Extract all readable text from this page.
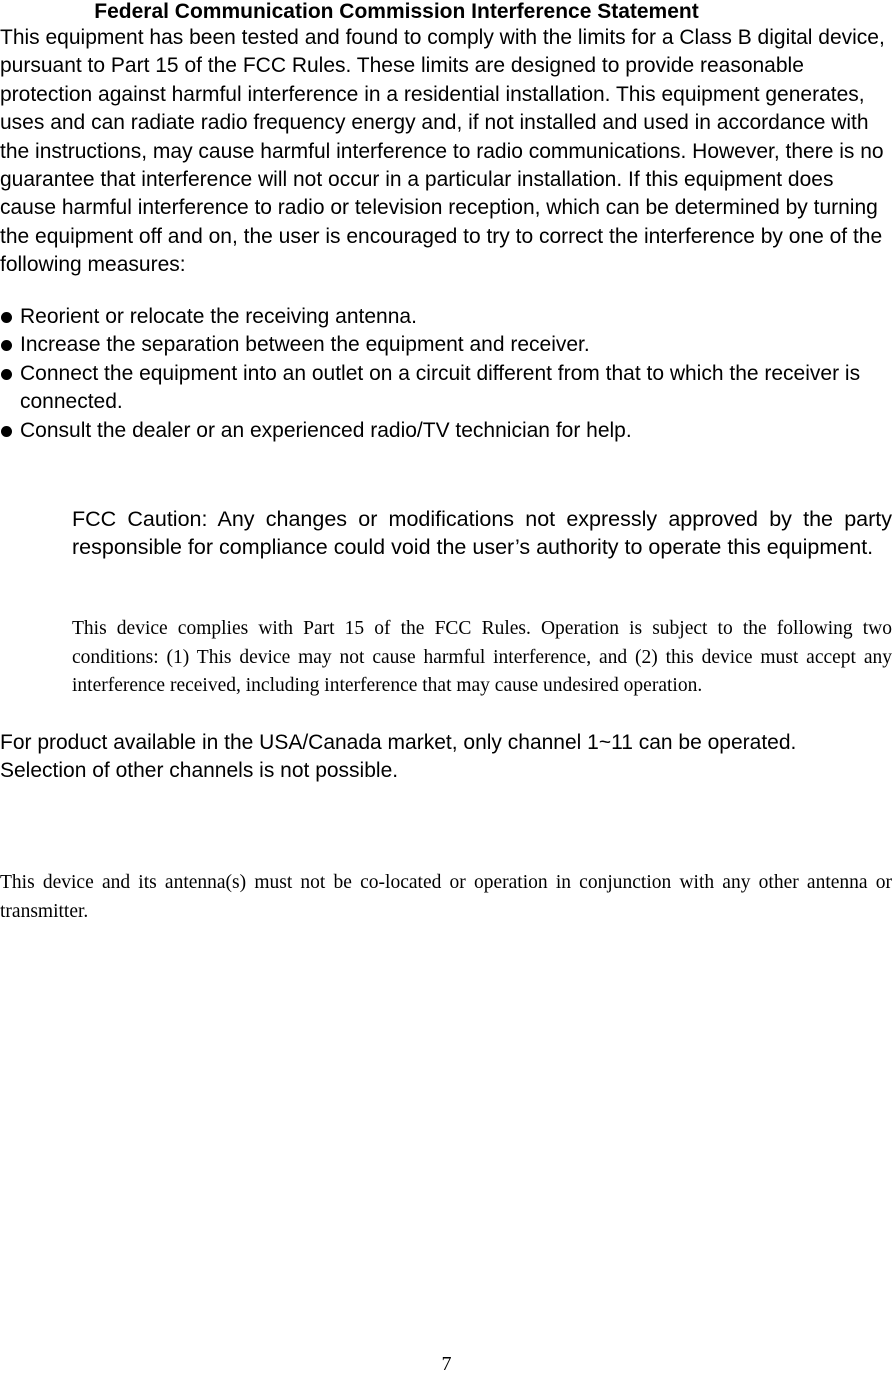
Federal Communication Commission Interference Statement

This equipment has been tested and found to comply with the limits for a Class B digital device, pursuant to Part 15 of the FCC Rules. These limits are designed to provide reasonable protection against harmful interference in a residential installation. This equipment generates, uses and can radiate radio frequency energy and, if not installed and used in accordance with the instructions, may cause harmful interference to radio communications. However, there is no guarantee that interference will not occur in a particular installation. If this equipment does cause harmful interference to radio or television reception, which can be determined by turning the equipment off and on, the user is encouraged to try to correct the interference by one of the following measures:

Reorient or relocate the receiving antenna.
Increase the separation between the equipment and receiver.
Connect the equipment into an outlet on a circuit different from that to which the receiver is connected.
Consult the dealer or an experienced radio/TV technician for help.

FCC Caution: Any changes or modifications not expressly approved by the party responsible for compliance could void the user’s authority to operate this equipment.

This device complies with Part 15 of the FCC Rules. Operation is subject to the following two conditions: (1) This device may not cause harmful interference, and (2) this device must accept any interference received, including interference that may cause undesired operation.

For product available in the USA/Canada market, only channel 1~11 can be operated. Selection of other channels is not possible.

This device and its antenna(s) must not be co-located or operation in conjunction with any other antenna or transmitter.

7
